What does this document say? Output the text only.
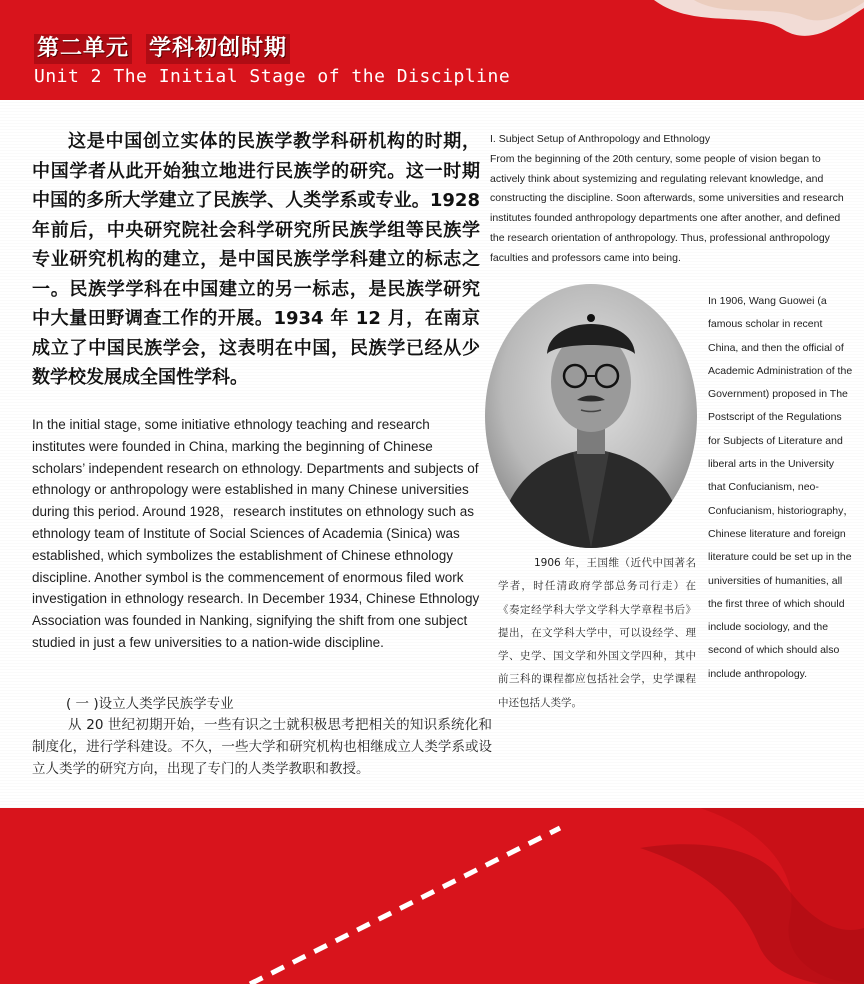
第二单元 学科初创时期
Unit 2 The Initial Stage of the Discipline

这是中国创立实体的民族学教学科研机构的时期，中国学者从此开始独立地进行民族学的研究。这一时期中国的多所大学建立了民族学、人类学系或专业。1928 年前后，中央研究院社会科学研究所民族学组等民族学专业研究机构的建立，是中国民族学学科建立的标志之一。民族学学科在中国建立的另一标志，是民族学研究中大量田野调查工作的开展。1934 年 12 月，在南京成立了中国民族学会，这表明在中国，民族学已经从少数学校发展成全国性学科。

In the initial stage, some initiative ethnology teaching and research institutes were founded in China, marking the beginning of Chinese scholars’ independent research on ethnology. Departments and subjects of ethnology or anthropology were established in many Chinese universities during this period. Around 1928，research institutes on ethnology such as ethnology team of Institute of Social Sciences of Academia (Sinica) was established, which symbolizes the establishment of Chinese ethnology discipline. Another symbol is the commencement of enormous filed work investigation in ethnology research. In December 1934, Chinese Ethnology Association was founded in Nanking, signifying the shift from one subject studied in just a few universities to a nation-wide discipline.

( 一 )设立人类学民族学专业

从 20 世纪初期开始，一些有识之士就积极思考把相关的知识系统化和制度化，进行学科建设。不久，一些大学和研究机构也相继成立人类学系或设立人类学的研究方向，出现了专门的人类学教职和教授。

I. Subject Setup of Anthropology and Ethnology
From the beginning of the 20th century, some people of vision began to actively think about systemizing and regulating relevant knowledge, and constructing the discipline. Soon afterwards, some universities and research institutes founded anthropology departments one after another, and defined the research orientation of anthropology. Thus, professional anthropology faculties and professors came into being.

1906 年，王国维（近代中国著名学者，时任清政府学部总务司行走）在《奏定经学科大学文学科大学章程书后》提出，在文学科大学中，可以设经学、理学、史学、国文学和外国文学四种，其中前三科的课程都应包括社会学，史学课程中还包括人类学。

In 1906, Wang Guowei (a famous scholar in recent China, and then the official of Academic Administration of the Government) proposed in The Postscript of the Regulations for Subjects of Literature and liberal arts in the University that Confucianism, neo-Confucianism, historiography，Chinese literature and foreign literature could be set up in the universities of humanities, all the first three of which should include sociology, and the second of which should also include anthropology.
